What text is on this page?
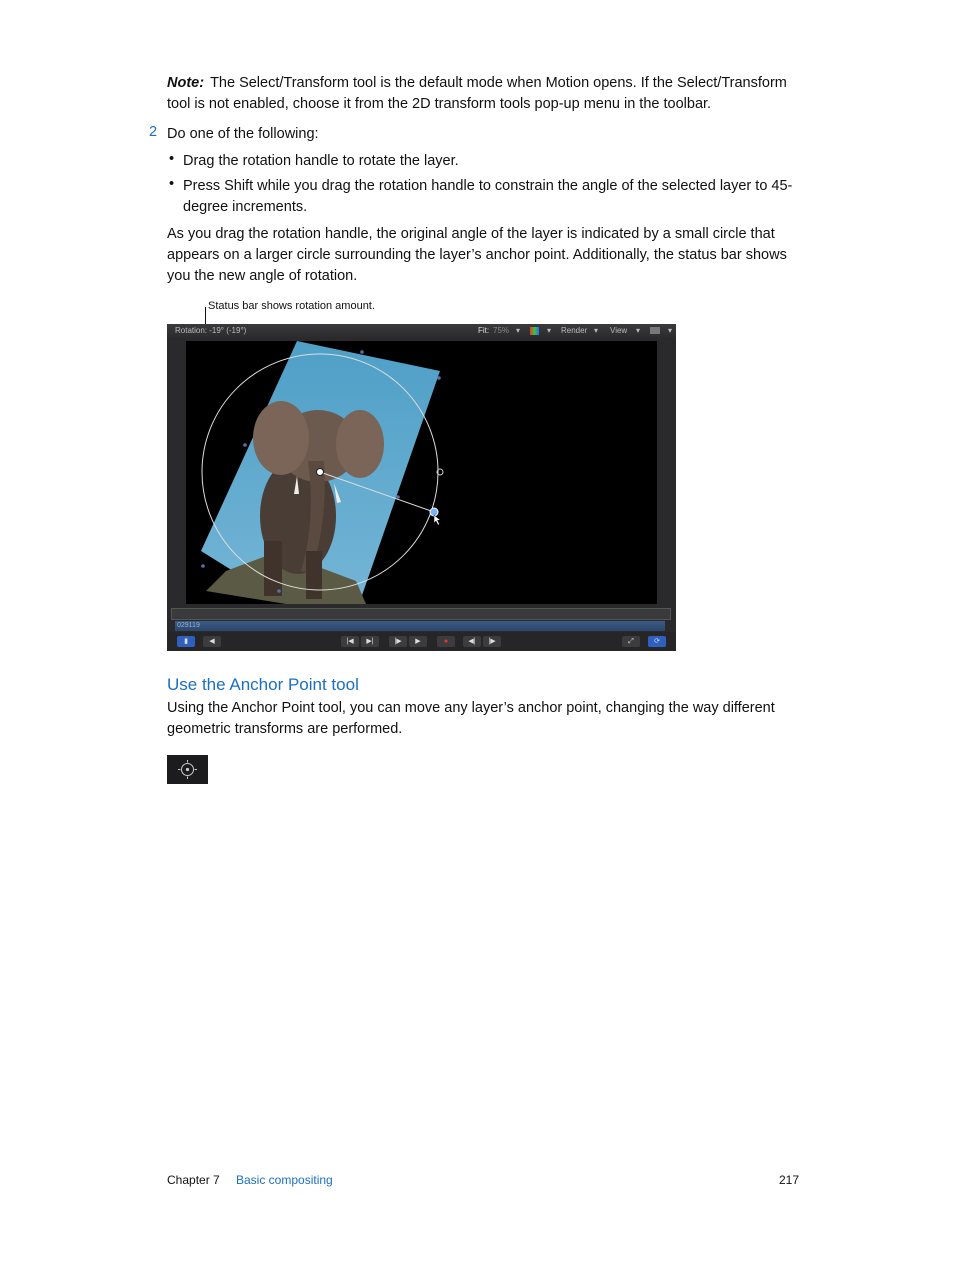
Note: The Select/Transform tool is the default mode when Motion opens. If the Select/Transform tool is not enabled, choose it from the 2D transform tools pop-up menu in the toolbar.
2 Do one of the following:
• Drag the rotation handle to rotate the layer.
• Press Shift while you drag the rotation handle to constrain the angle of the selected layer to 45-degree increments.
As you drag the rotation handle, the original angle of the layer is indicated by a small circle that appears on a larger circle surrounding the layer’s anchor point. Additionally, the status bar shows you the new angle of rotation.
Status bar shows rotation amount.
Rotation: -19° (-19°)	Fit: 75% ▾	▾ Render ▾ View ▾	▾
029119
▮	◀	|◀	▶|	|▶	▶	●	◀|	|▶	⤢	⟳
Use the Anchor Point tool
Using the Anchor Point tool, you can move any layer’s anchor point, changing the way different geometric transforms are performed.
Chapter 7 Basic compositing	217
